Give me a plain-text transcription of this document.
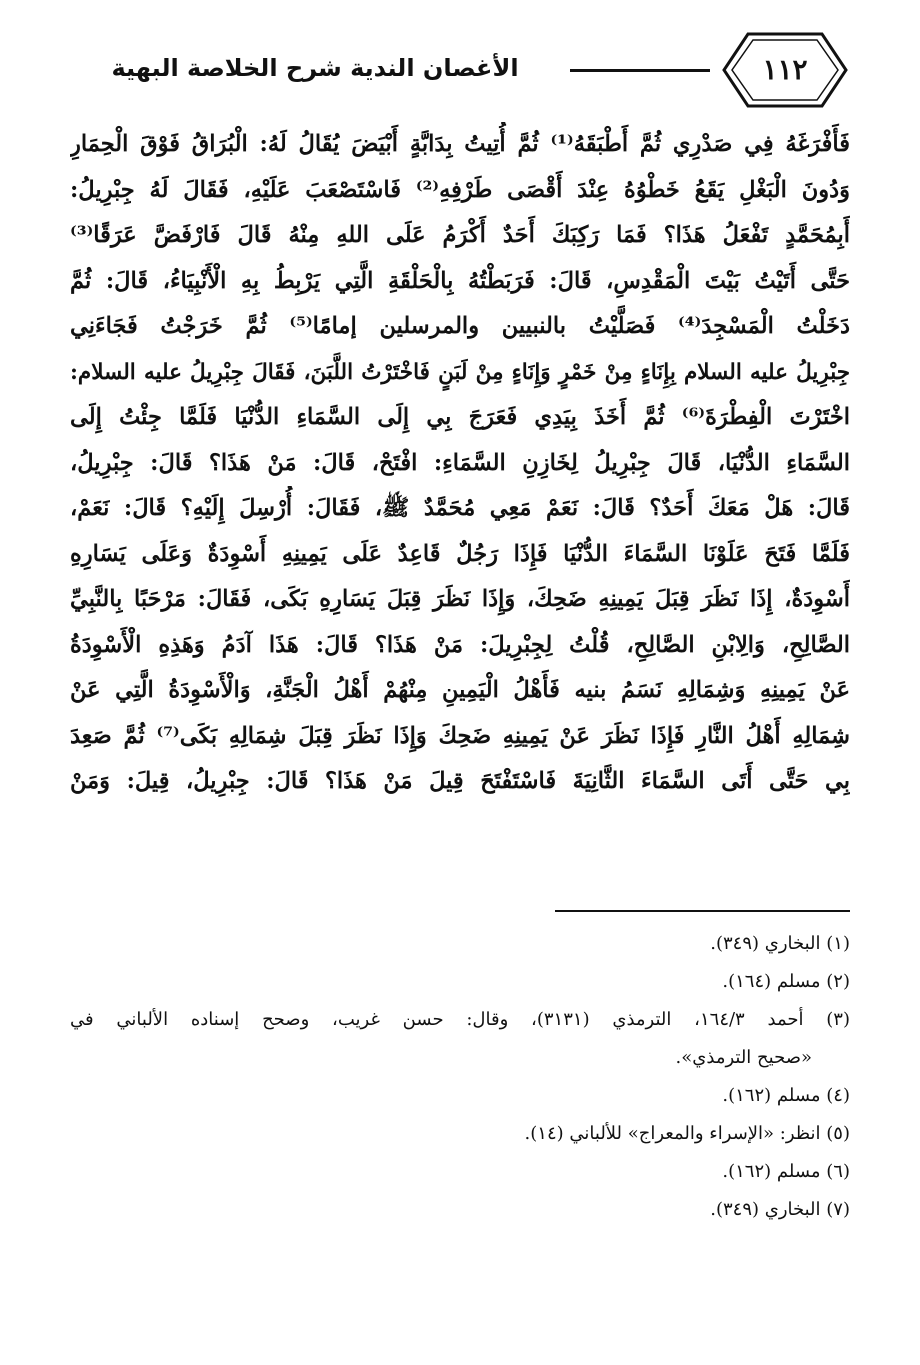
١١٢
الأغصان الندية شرح الخلاصة البهية
فَأَفْرَغَهُ فِي صَدْرِي ثُمَّ أَطْبَقَهُ⁽¹⁾ ثُمَّ أُتِيتُ بِدَابَّةٍ أَبْيَضَ يُقَالُ لَهُ: الْبُرَاقُ فَوْقَ الْحِمَارِ
وَدُونَ الْبَغْلِ يَقَعُ خَطْوُهُ عِنْدَ أَقْصَى طَرْفِهِ⁽²⁾ فَاسْتَصْعَبَ عَلَيْهِ، فَقَالَ لَهُ جِبْرِيلُ:
أَبِمُحَمَّدٍ تَفْعَلُ هَذَا؟ فَمَا رَكِبَكَ أَحَدٌ أَكْرَمُ عَلَى اللهِ مِنْهُ قَالَ فَارْفَضَّ عَرَقًا⁽³⁾
حَتَّى أَتَيْتُ بَيْتَ الْمَقْدِسِ، قَالَ: فَرَبَطْتُهُ بِالْحَلْقَةِ الَّتِي يَرْبِطُ بِهِ الْأَنْبِيَاءُ، قَالَ: ثُمَّ
دَخَلْتُ الْمَسْجِدَ⁽⁴⁾ فَصَلَّيْتُ بالنبيين والمرسلين إمامًا⁽⁵⁾ ثُمَّ خَرَجْتُ فَجَاءَنِي
جِبْرِيلُ عليه السلام بِإِنَاءٍ مِنْ خَمْرٍ وَإِنَاءٍ مِنْ لَبَنٍ فَاخْتَرْتُ اللَّبَنَ، فَقَالَ جِبْرِيلُ عليه السلام:
اخْتَرْتَ الْفِطْرَةَ⁽⁶⁾ ثُمَّ أَخَذَ بِيَدِي فَعَرَجَ بِي إِلَى السَّمَاءِ الدُّنْيَا فَلَمَّا جِئْتُ إِلَى
السَّمَاءِ الدُّنْيَا، قَالَ جِبْرِيلُ لِخَازِنِ السَّمَاءِ: افْتَحْ، قَالَ: مَنْ هَذَا؟ قَالَ: جِبْرِيلُ،
قَالَ: هَلْ مَعَكَ أَحَدٌ؟ قَالَ: نَعَمْ مَعِي مُحَمَّدٌ ﷺ، فَقَالَ: أُرْسِلَ إِلَيْهِ؟ قَالَ: نَعَمْ،
فَلَمَّا فَتَحَ عَلَوْنَا السَّمَاءَ الدُّنْيَا فَإِذَا رَجُلٌ قَاعِدٌ عَلَى يَمِينِهِ أَسْوِدَةٌ وَعَلَى يَسَارِهِ
أَسْوِدَةٌ، إِذَا نَظَرَ قِبَلَ يَمِينِهِ ضَحِكَ، وَإِذَا نَظَرَ قِبَلَ يَسَارِهِ بَكَى، فَقَالَ: مَرْحَبًا بِالنَّبِيِّ
الصَّالِحِ، وَالِابْنِ الصَّالِحِ، قُلْتُ لِجِبْرِيلَ: مَنْ هَذَا؟ قَالَ: هَذَا آدَمُ وَهَذِهِ الْأَسْوِدَةُ
عَنْ يَمِينِهِ وَشِمَالِهِ نَسَمُ بنيه فَأَهْلُ الْيَمِينِ مِنْهُمْ أَهْلُ الْجَنَّةِ، وَالْأَسْوِدَةُ الَّتِي عَنْ
شِمَالِهِ أَهْلُ النَّارِ فَإِذَا نَظَرَ عَنْ يَمِينِهِ ضَحِكَ وَإِذَا نَظَرَ قِبَلَ شِمَالِهِ بَكَى⁽⁷⁾ ثُمَّ صَعِدَ
بِي حَتَّى أَتَى السَّمَاءَ الثَّانِيَةَ فَاسْتَفْتَحَ قِيلَ مَنْ هَذَا؟ قَالَ: جِبْرِيلُ، قِيلَ: وَمَنْ
(١) البخاري (٣٤٩).
(٢) مسلم (١٦٤).
(٣) أحمد ١٦٤/٣، الترمذي (٣١٣١)، وقال: حسن غريب، وصحح إسناده الألباني في
«صحيح الترمذي».
(٤) مسلم (١٦٢).
(٥) انظر: «الإسراء والمعراج» للألباني (١٤).
(٦) مسلم (١٦٢).
(٧) البخاري (٣٤٩).
